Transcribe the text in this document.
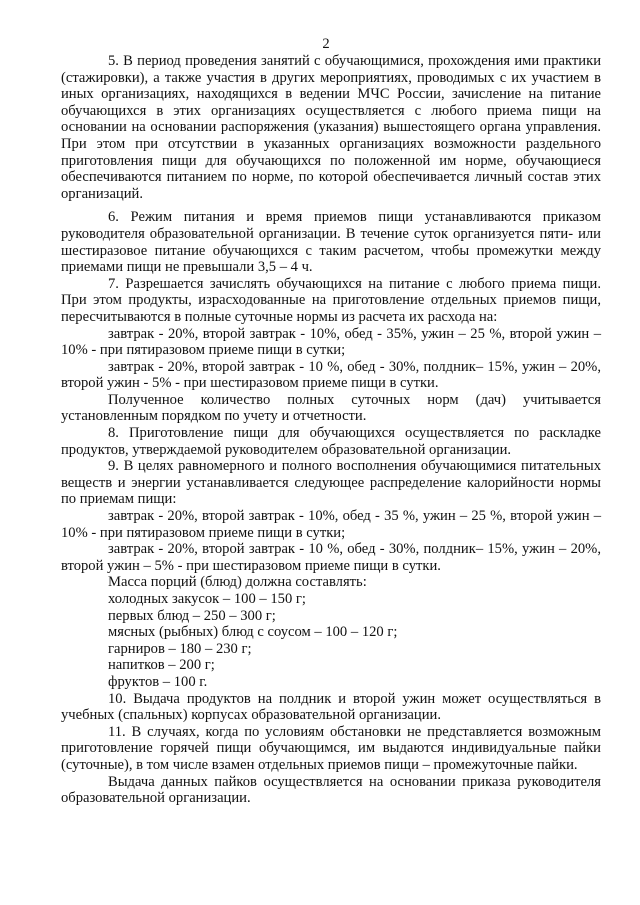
2

5. В период проведения занятий с обучающимися, прохождения ими практики (стажировки), а также участия в других мероприятиях, проводимых с их участием в иных организациях, находящихся в ведении МЧС России, зачисление на питание обучающихся в этих организациях осуществляется с любого приема пищи на основании на основании распоряжения (указания) вышестоящего органа управления. При этом при отсутствии в указанных организациях возможности раздельного приготовления пищи для обучающихся по положенной им норме, обучающиеся обеспечиваются питанием по норме, по которой обеспечивается личный состав этих организаций.

6. Режим питания и время приемов пищи устанавливаются приказом руководителя образовательной организации. В течение суток организуется пяти- или шестиразовое питание обучающихся с таким расчетом, чтобы промежутки между приемами пищи не превышали 3,5 – 4 ч.

7. Разрешается зачислять обучающихся на питание с любого приема пищи. При этом продукты, израсходованные на приготовление отдельных приемов пищи, пересчитываются в полные суточные нормы из расчета их расхода на:

завтрак - 20%, второй завтрак - 10%, обед - 35%, ужин – 25 %, второй ужин – 10% - при пятиразовом приеме пищи в сутки;

завтрак - 20%, второй завтрак - 10 %, обед - 30%, полдник– 15%, ужин – 20%, второй ужин - 5% - при шестиразовом приеме пищи в сутки.

Полученное количество полных суточных норм (дач) учитывается установленным порядком по учету и отчетности.

8. Приготовление пищи для обучающихся осуществляется по раскладке продуктов, утверждаемой руководителем образовательной организации.

9. В целях равномерного и полного восполнения обучающимися питательных веществ и энергии устанавливается следующее распределение калорийности нормы по приемам пищи:

завтрак - 20%, второй завтрак - 10%, обед - 35 %, ужин – 25 %, второй ужин – 10% - при пятиразовом приеме пищи в сутки;

завтрак - 20%, второй завтрак - 10 %, обед - 30%, полдник– 15%, ужин – 20%, второй ужин – 5% - при шестиразовом приеме пищи в сутки.

Масса порций (блюд) должна составлять:

холодных закусок – 100 – 150 г;

первых блюд – 250 – 300 г;

мясных (рыбных) блюд с соусом – 100 – 120 г;

гарниров – 180 – 230 г;

напитков – 200 г;

фруктов – 100 г.

10. Выдача продуктов на полдник и второй ужин может осуществляться в учебных (спальных) корпусах образовательной организации.

11. В случаях, когда по условиям обстановки не представляется возможным приготовление горячей пищи обучающимся, им выдаются индивидуальные пайки (суточные), в том числе взамен отдельных приемов пищи – промежуточные пайки.

Выдача данных пайков осуществляется на основании приказа руководителя образовательной организации.
